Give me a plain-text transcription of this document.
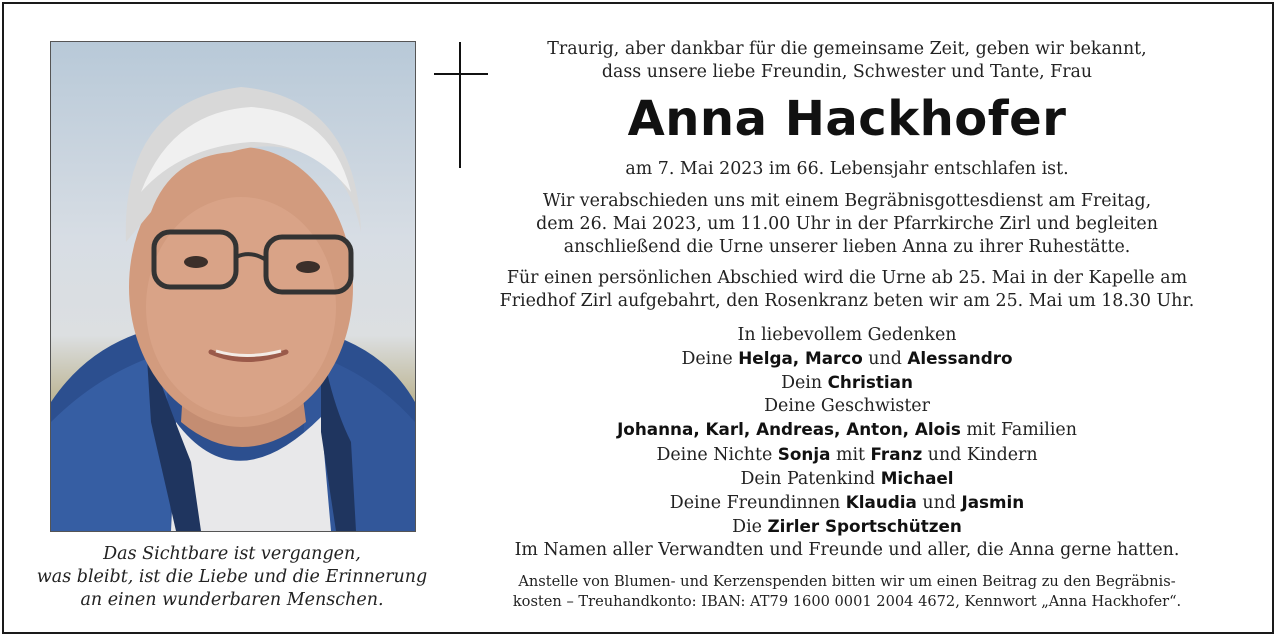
Das Sichtbare ist vergangen,
was bleibt, ist die Liebe und die Erinnerung
an einen wunderbaren Menschen.

Traurig, aber dankbar für die gemeinsame Zeit, geben wir bekannt,

dass unsere liebe Freundin, Schwester und Tante, Frau

Anna Hackhofer

am 7. Mai 2023 im 66. Lebensjahr entschlafen ist.

Wir verabschieden uns mit einem Begräbnisgottesdienst am Freitag,

dem 26. Mai 2023, um 11.00 Uhr in der Pfarrkirche Zirl und begleiten

anschließend die Urne unserer lieben Anna zu ihrer Ruhestätte.

Für einen persönlichen Abschied wird die Urne ab 25. Mai in der Kapelle am

Friedhof Zirl aufgebahrt, den Rosenkranz beten wir am 25. Mai um 18.30 Uhr.

In liebevollem Gedenken

Deine Helga, Marco und Alessandro

Dein Christian

Deine Geschwister

Johanna, Karl, Andreas, Anton, Alois mit Familien

Deine Nichte Sonja mit Franz und Kindern

Dein Patenkind Michael

Deine Freundinnen Klaudia und Jasmin

Die Zirler Sportschützen

Im Namen aller Verwandten und Freunde und aller, die Anna gerne hatten.

Anstelle von Blumen- und Kerzenspenden bitten wir um einen Beitrag zu den Begräbnis-

kosten – Treuhandkonto: IBAN: AT79 1600 0001 2004 4672, Kennwort „Anna Hackhofer“.
